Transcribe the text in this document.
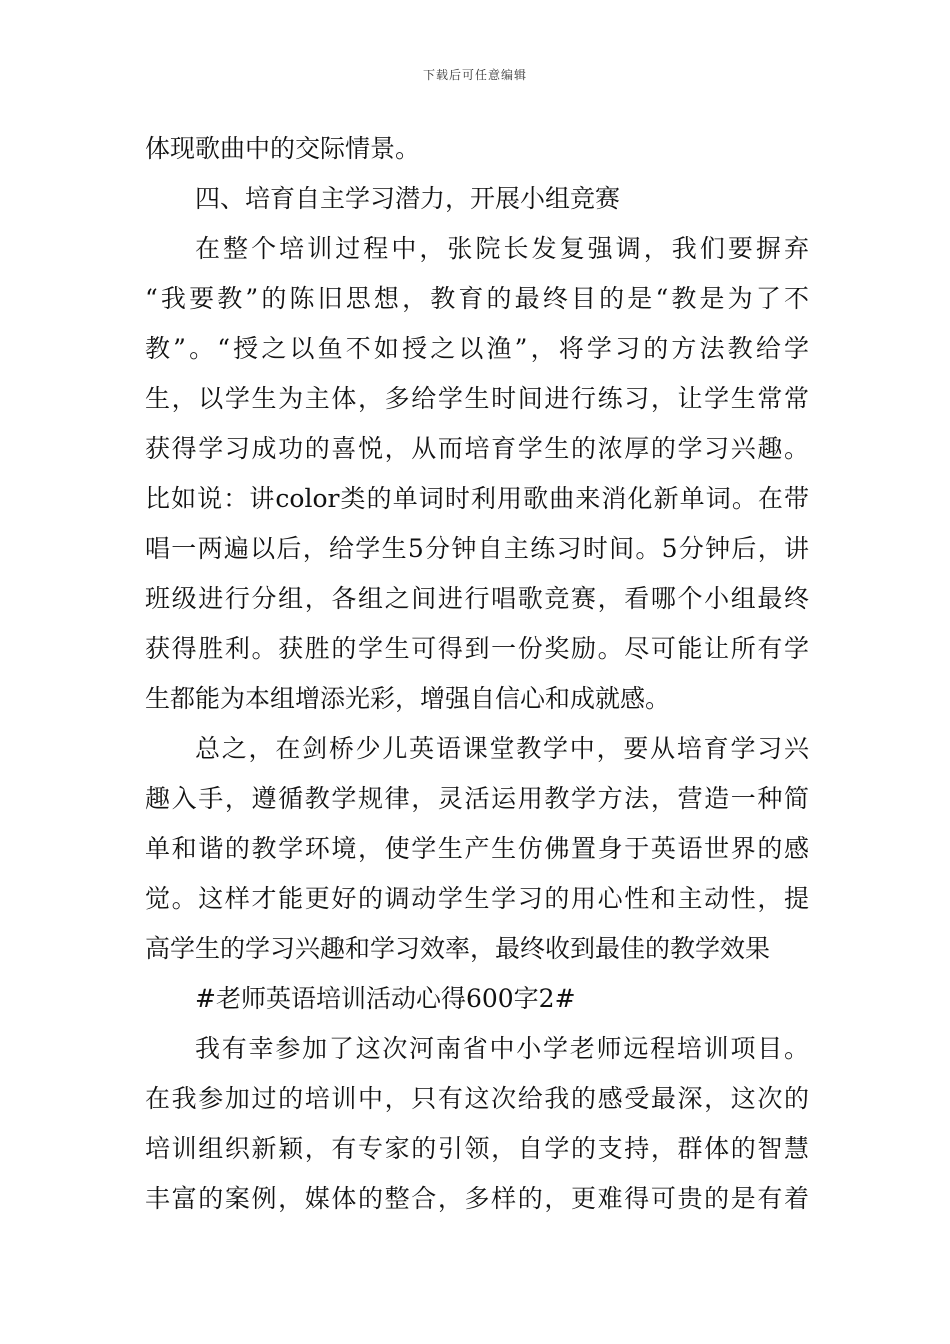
下载后可任意编辑
体现歌曲中的交际情景。
四、培育自主学习潜力，开展小组竞赛
在整个培训过程中，张院长发复强调，我们要摒弃
“我要教”的陈旧思想，教育的最终目的是“教是为了不
教”。“授之以鱼不如授之以渔”，将学习的方法教给学
生，以学生为主体，多给学生时间进行练习，让学生常常
获得学习成功的喜悦，从而培育学生的浓厚的学习兴趣。
比如说：讲color类的单词时利用歌曲来消化新单词。在带
唱一两遍以后，给学生5分钟自主练习时间。5分钟后，讲
班级进行分组，各组之间进行唱歌竞赛，看哪个小组最终
获得胜利。获胜的学生可得到一份奖励。尽可能让所有学
生都能为本组增添光彩，增强自信心和成就感。
总之，在剑桥少儿英语课堂教学中，要从培育学习兴
趣入手，遵循教学规律，灵活运用教学方法，营造一种简
单和谐的教学环境，使学生产生仿佛置身于英语世界的感
觉。这样才能更好的调动学生学习的用心性和主动性，提
高学生的学习兴趣和学习效率，最终收到最佳的教学效果
#老师英语培训活动心得600字2#
我有幸参加了这次河南省中小学老师远程培训项目。
在我参加过的培训中，只有这次给我的感受最深，这次的
培训组织新颖，有专家的引领，自学的支持，群体的智慧
丰富的案例，媒体的整合，多样的，更难得可贵的是有着
